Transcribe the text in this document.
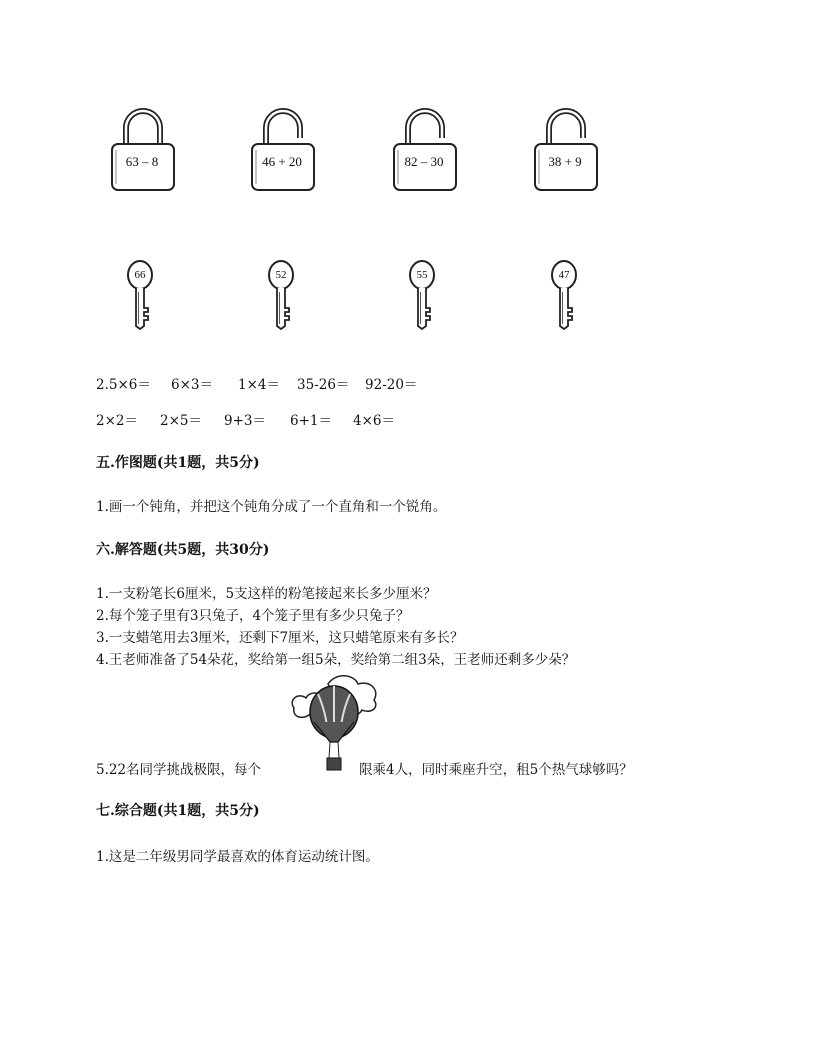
63 – 8	46 + 20	82 – 30	38 + 9
66	52	55	47
2.5×6＝ 6×3＝ 1×4＝ 35-26＝ 92-20＝
2×2＝ 2×5＝ 9+3＝ 6+1＝ 4×6＝
五.作图题(共1题，共5分)
1.画一个钝角，并把这个钝角分成了一个直角和一个锐角。
六.解答题(共5题，共30分)
1.一支粉笔长6厘米，5支这样的粉笔接起来长多少厘米？
2.每个笼子里有3只兔子，4个笼子里有多少只兔子？
3.一支蜡笔用去3厘米，还剩下7厘米，这只蜡笔原来有多长？
4.王老师准备了54朵花，奖给第一组5朵，奖给第二组3朵，王老师还剩多少朵？
5.22名同学挑战极限，每个	限乘4人，同时乘座升空，租5个热气球够吗？
七.综合题(共1题，共5分)
1.这是二年级男同学最喜欢的体育运动统计图。
